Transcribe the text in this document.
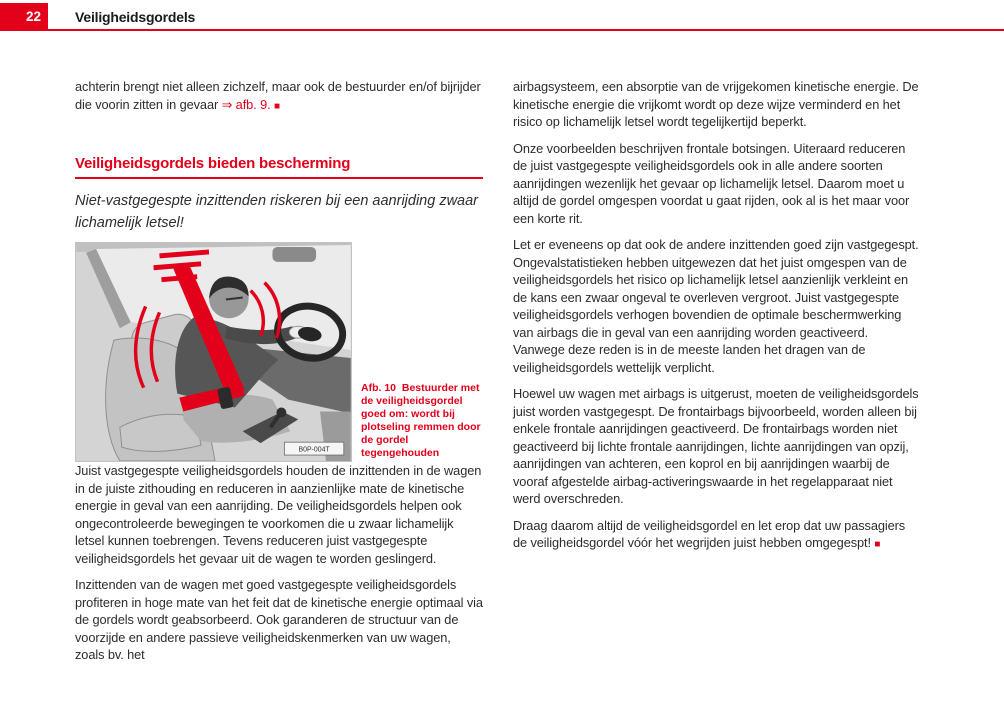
22 Veiligheidsgordels

achterin brengt niet alleen zichzelf, maar ook de bestuurder en/of bijrijder die voorin zitten in gevaar ⇒ afb. 9. ■

Veiligheidsgordels bieden bescherming

Niet-vastgegespte inzittenden riskeren bij een aanrijding zwaar lichamelijk letsel!

B0P-004T

Afb. 10 Bestuurder met de veiligheidsgordel goed om: wordt bij plotseling remmen door de gordel tegengehouden

Juist vastgegespte veiligheidsgordels houden de inzittenden in de wagen in de juiste zithouding en reduceren in aanzienlijke mate de kinetische energie in geval van een aanrijding. De veiligheidsgordels helpen ook ongecontroleerde bewegingen te voorkomen die u zwaar lichamelijk letsel kunnen toebrengen. Tevens reduceren juist vastgegespte veiligheidsgordels het gevaar uit de wagen te worden geslingerd.

Inzittenden van de wagen met goed vastgegespte veiligheidsgordels profiteren in hoge mate van het feit dat de kinetische energie optimaal via de gordels wordt geabsorbeerd. Ook garanderen de structuur van de voorzijde en andere passieve veiligheidskenmerken van uw wagen, zoals bv. het

airbagsysteem, een absorptie van de vrijgekomen kinetische energie. De kinetische energie die vrijkomt wordt op deze wijze verminderd en het risico op lichamelijk letsel wordt tegelijkertijd beperkt.

Onze voorbeelden beschrijven frontale botsingen. Uiteraard reduceren de juist vastgegespte veiligheidsgordels ook in alle andere soorten aanrijdingen wezenlijk het gevaar op lichamelijk letsel. Daarom moet u altijd de gordel omgespen voordat u gaat rijden, ook al is het maar voor een korte rit.

Let er eveneens op dat ook de andere inzittenden goed zijn vastgegespt. Ongevalstatistieken hebben uitgewezen dat het juist omgespen van de veiligheidsgordels het risico op lichamelijk letsel aanzienlijk verkleint en de kans een zwaar ongeval te overleven vergroot. Juist vastgegespte veiligheidsgordels verhogen bovendien de optimale beschermwerking van airbags die in geval van een aanrijding worden geactiveerd. Vanwege deze reden is in de meeste landen het dragen van de veiligheidsgordels wettelijk verplicht.

Hoewel uw wagen met airbags is uitgerust, moeten de veiligheidsgordels juist worden vastgegespt. De frontairbags bijvoorbeeld, worden alleen bij enkele frontale aanrijdingen geactiveerd. De frontairbags worden niet geactiveerd bij lichte frontale aanrijdingen, lichte aanrijdingen van opzij, aanrijdingen van achteren, een koprol en bij aanrijdingen waarbij de vooraf afgestelde airbag-activeringswaarde in het regelapparaat niet werd overschreden.

Draag daarom altijd de veiligheidsgordel en let erop dat uw passagiers de veiligheidsgordel vóór het wegrijden juist hebben omgegespt! ■
